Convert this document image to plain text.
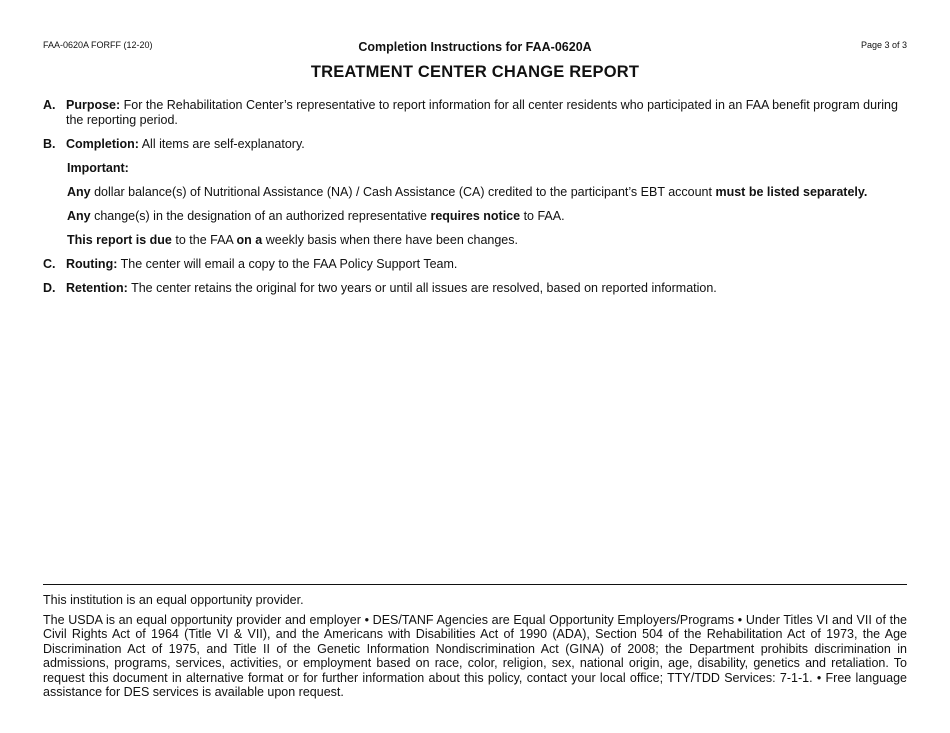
FAA-0620A FORFF (12-20)	Completion Instructions for FAA-0620A	Page 3 of 3
TREATMENT CENTER CHANGE REPORT
A. Purpose: For the Rehabilitation Center’s representative to report information for all center residents who participated in an FAA benefit program during the reporting period.
B. Completion: All items are self-explanatory.
Important:
Any dollar balance(s) of Nutritional Assistance (NA) / Cash Assistance (CA) credited to the participant’s EBT account must be listed separately.
Any change(s) in the designation of an authorized representative requires notice to FAA.
This report is due to the FAA on a weekly basis when there have been changes.
C. Routing: The center will email a copy to the FAA Policy Support Team.
D. Retention: The center retains the original for two years or until all issues are resolved, based on reported information.
This institution is an equal opportunity provider.
The USDA is an equal opportunity provider and employer • DES/TANF Agencies are Equal Opportunity Employers/Programs • Under Titles VI and VII of the Civil Rights Act of 1964 (Title VI & VII), and the Americans with Disabilities Act of 1990 (ADA), Section 504 of the Rehabilitation Act of 1973, the Age Discrimination Act of 1975, and Title II of the Genetic Information Nondiscrimination Act (GINA) of 2008; the Department prohibits discrimination in admissions, programs, services, activities, or employment based on race, color, religion, sex, national origin, age, disability, genetics and retaliation. To request this document in alternative format or for further information about this policy, contact your local office; TTY/TDD Services: 7-1-1. • Free language assistance for DES services is available upon request.
